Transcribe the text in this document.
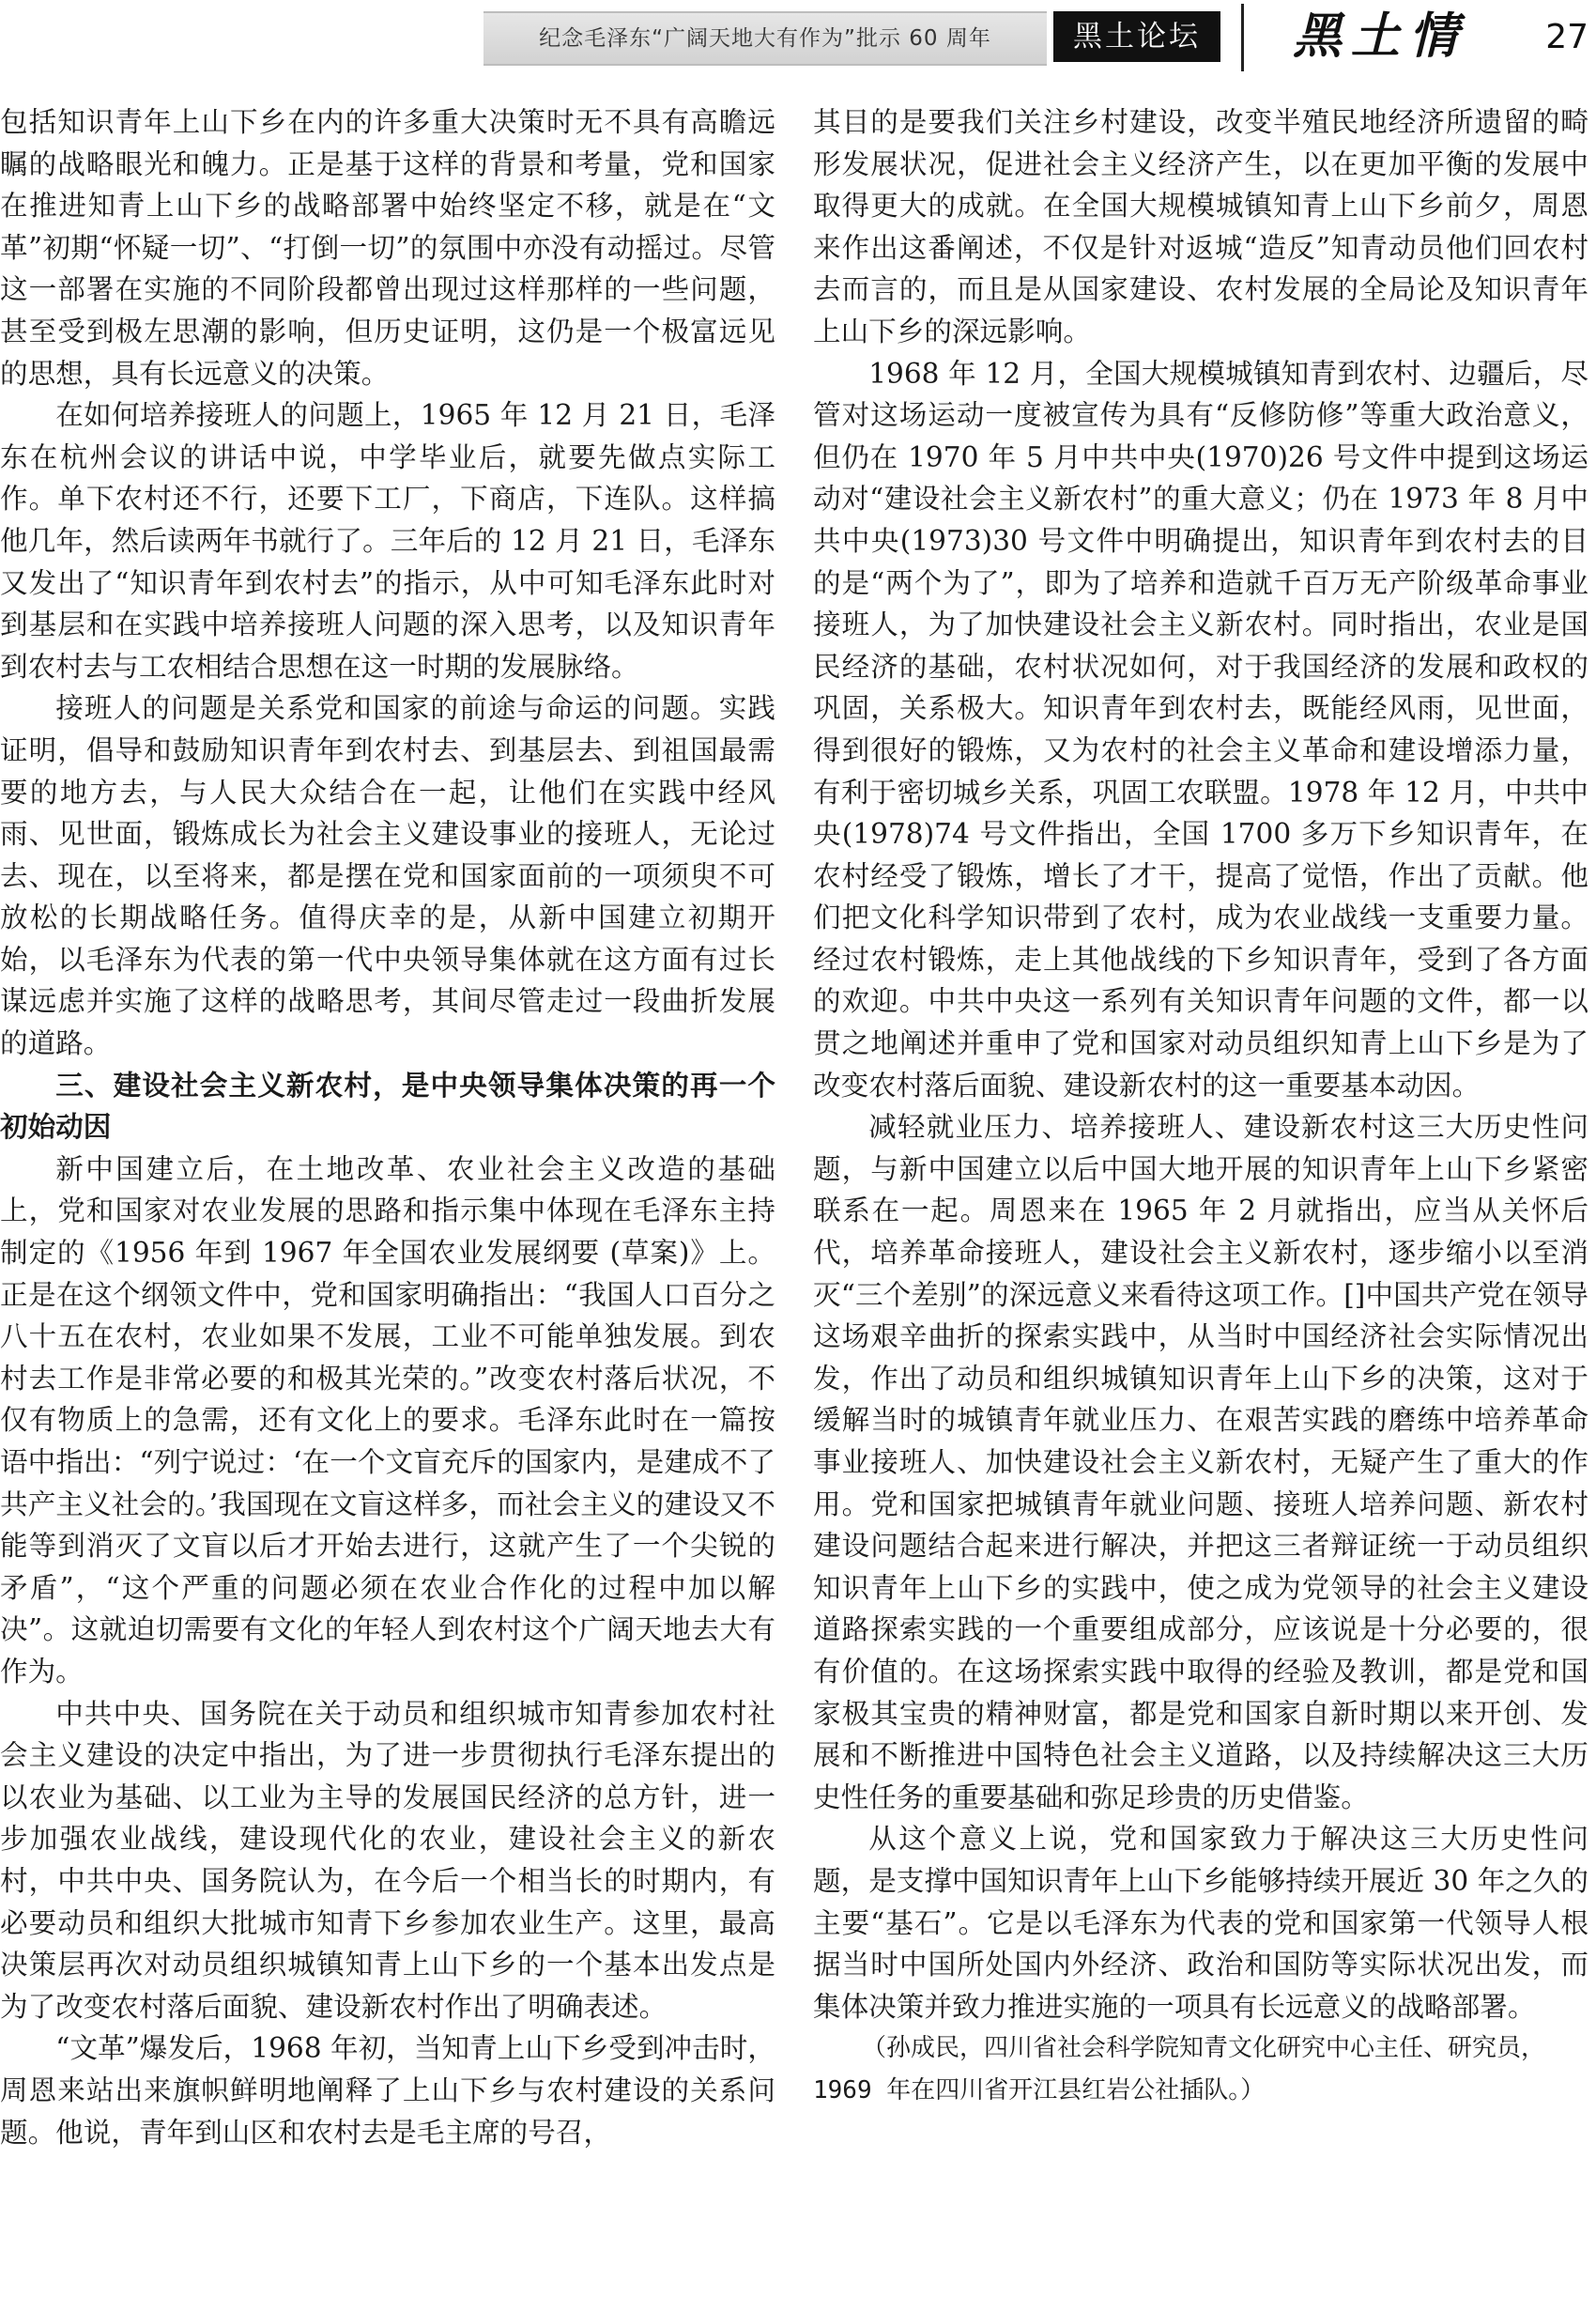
纪念毛泽东“广阔天地大有作为”批示 60 周年	黑土论坛	黑土情	27

包括知识青年上山下乡在内的许多重大决策时无不具有高瞻远瞩的战略眼光和魄力。正是基于这样的背景和考量，党和国家在推进知青上山下乡的战略部署中始终坚定不移，就是在“文革”初期“怀疑一切”、“打倒一切”的氛围中亦没有动摇过。尽管这一部署在实施的不同阶段都曾出现过这样那样的一些问题，甚至受到极左思潮的影响，但历史证明，这仍是一个极富远见的思想，具有长远意义的决策。

在如何培养接班人的问题上，1965 年 12 月 21 日，毛泽东在杭州会议的讲话中说，中学毕业后，就要先做点实际工作。单下农村还不行，还要下工厂，下商店，下连队。这样搞他几年，然后读两年书就行了。三年后的 12 月 21 日，毛泽东又发出了“知识青年到农村去”的指示，从中可知毛泽东此时对到基层和在实践中培养接班人问题的深入思考，以及知识青年到农村去与工农相结合思想在这一时期的发展脉络。

接班人的问题是关系党和国家的前途与命运的问题。实践证明，倡导和鼓励知识青年到农村去、到基层去、到祖国最需要的地方去，与人民大众结合在一起，让他们在实践中经风雨、见世面，锻炼成长为社会主义建设事业的接班人，无论过去、现在，以至将来，都是摆在党和国家面前的一项须臾不可放松的长期战略任务。值得庆幸的是，从新中国建立初期开始，以毛泽东为代表的第一代中央领导集体就在这方面有过长谋远虑并实施了这样的战略思考，其间尽管走过一段曲折发展的道路。

三、建设社会主义新农村，是中央领导集体决策的再一个初始动因

新中国建立后，在土地改革、农业社会主义改造的基础上，党和国家对农业发展的思路和指示集中体现在毛泽东主持制定的《1956 年到 1967 年全国农业发展纲要 (草案)》上。正是在这个纲领文件中，党和国家明确指出：“我国人口百分之八十五在农村，农业如果不发展，工业不可能单独发展。到农村去工作是非常必要的和极其光荣的。”改变农村落后状况，不仅有物质上的急需，还有文化上的要求。毛泽东此时在一篇按语中指出：“列宁说过：‘在一个文盲充斥的国家内，是建成不了共产主义社会的。’我国现在文盲这样多，而社会主义的建设又不能等到消灭了文盲以后才开始去进行，这就产生了一个尖锐的矛盾”，“这个严重的问题必须在农业合作化的过程中加以解决”。这就迫切需要有文化的年轻人到农村这个广阔天地去大有作为。

中共中央、国务院在关于动员和组织城市知青参加农村社会主义建设的决定中指出，为了进一步贯彻执行毛泽东提出的以农业为基础、以工业为主导的发展国民经济的总方针，进一步加强农业战线，建设现代化的农业，建设社会主义的新农村，中共中央、国务院认为，在今后一个相当长的时期内，有必要动员和组织大批城市知青下乡参加农业生产。这里，最高决策层再次对动员组织城镇知青上山下乡的一个基本出发点是为了改变农村落后面貌、建设新农村作出了明确表述。

“文革”爆发后，1968 年初，当知青上山下乡受到冲击时，周恩来站出来旗帜鲜明地阐释了上山下乡与农村建设的关系问题。他说，青年到山区和农村去是毛主席的号召，

其目的是要我们关注乡村建设，改变半殖民地经济所遗留的畸形发展状况，促进社会主义经济产生，以在更加平衡的发展中取得更大的成就。在全国大规模城镇知青上山下乡前夕，周恩来作出这番阐述，不仅是针对返城“造反”知青动员他们回农村去而言的，而且是从国家建设、农村发展的全局论及知识青年上山下乡的深远影响。

1968 年 12 月，全国大规模城镇知青到农村、边疆后，尽管对这场运动一度被宣传为具有“反修防修”等重大政治意义，但仍在 1970 年 5 月中共中央(1970)26 号文件中提到这场运动对“建设社会主义新农村”的重大意义；仍在 1973 年 8 月中共中央(1973)30 号文件中明确提出，知识青年到农村去的目的是“两个为了”，即为了培养和造就千百万无产阶级革命事业接班人，为了加快建设社会主义新农村。同时指出，农业是国民经济的基础，农村状况如何，对于我国经济的发展和政权的巩固，关系极大。知识青年到农村去，既能经风雨，见世面，得到很好的锻炼，又为农村的社会主义革命和建设增添力量，有利于密切城乡关系，巩固工农联盟。1978 年 12 月，中共中央(1978)74 号文件指出，全国 1700 多万下乡知识青年，在农村经受了锻炼，增长了才干，提高了觉悟，作出了贡献。他们把文化科学知识带到了农村，成为农业战线一支重要力量。经过农村锻炼，走上其他战线的下乡知识青年，受到了各方面的欢迎。中共中央这一系列有关知识青年问题的文件，都一以贯之地阐述并重申了党和国家对动员组织知青上山下乡是为了改变农村落后面貌、建设新农村的这一重要基本动因。

减轻就业压力、培养接班人、建设新农村这三大历史性问题，与新中国建立以后中国大地开展的知识青年上山下乡紧密联系在一起。周恩来在 1965 年 2 月就指出，应当从关怀后代，培养革命接班人，建设社会主义新农村，逐步缩小以至消灭“三个差别”的深远意义来看待这项工作。[]中国共产党在领导这场艰辛曲折的探索实践中，从当时中国经济社会实际情况出发，作出了动员和组织城镇知识青年上山下乡的决策，这对于缓解当时的城镇青年就业压力、在艰苦实践的磨练中培养革命事业接班人、加快建设社会主义新农村，无疑产生了重大的作用。党和国家把城镇青年就业问题、接班人培养问题、新农村建设问题结合起来进行解决，并把这三者辩证统一于动员组织知识青年上山下乡的实践中，使之成为党领导的社会主义建设道路探索实践的一个重要组成部分，应该说是十分必要的，很有价值的。在这场探索实践中取得的经验及教训，都是党和国家极其宝贵的精神财富，都是党和国家自新时期以来开创、发展和不断推进中国特色社会主义道路，以及持续解决这三大历史性任务的重要基础和弥足珍贵的历史借鉴。

从这个意义上说，党和国家致力于解决这三大历史性问题，是支撑中国知识青年上山下乡能够持续开展近 30 年之久的主要“基石”。它是以毛泽东为代表的党和国家第一代领导人根据当时中国所处国内外经济、政治和国防等实际状况出发，而集体决策并致力推进实施的一项具有长远意义的战略部署。

（孙成民，四川省社会科学院知青文化研究中心主任、研究员，1969 年在四川省开江县红岩公社插队。）
